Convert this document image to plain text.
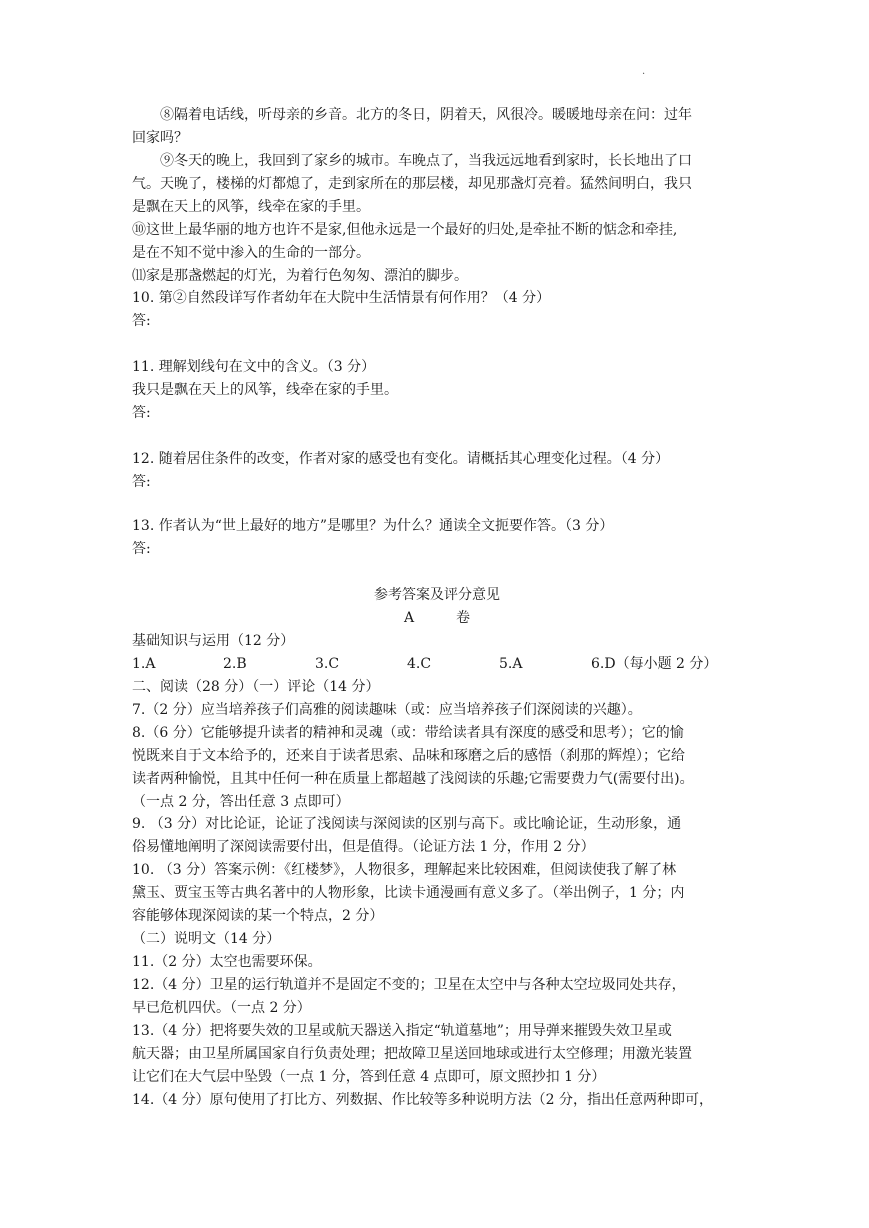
.
⑧隔着电话线，听母亲的乡音。北方的冬日，阴着天，风很冷。暖暖地母亲在问：过年
回家吗？
⑨冬天的晚上，我回到了家乡的城市。车晚点了，当我远远地看到家时，长长地出了口
气。天晚了，楼梯的灯都熄了，走到家所在的那层楼，却见那盏灯亮着。猛然间明白，我只
是飘在天上的风筝，线牵在家的手里。
⑩这世上最华丽的地方也许不是家,但他永远是一个最好的归处,是牵扯不断的惦念和牵挂,
是在不知不觉中渗入的生命的一部分。
⑾家是那盏燃起的灯光，为着行色匆匆、漂泊的脚步。
10. 第②自然段详写作者幼年在大院中生活情景有何作用？（4 分）
答:
11. 理解划线句在文中的含义。（3 分）
我只是飘在天上的风筝，线牵在家的手里。
答:
12. 随着居住条件的改变，作者对家的感受也有变化。请概括其心理变化过程。（4 分）
答:
13. 作者认为“世上最好的地方”是哪里？为什么？通读全文扼要作答。（3 分）
答:
参考答案及评分意见
A　　　卷
基础知识与运用（12 分）
1.A	2.B	3.C	4.C	5.A	6.D（每小题 2 分）
二、阅读（28 分）（一）评论（14 分）
7.（2 分）应当培养孩子们高雅的阅读趣味（或：应当培养孩子们深阅读的兴趣）。
8.（6 分）它能够提升读者的精神和灵魂（或：带给读者具有深度的感受和思考）；它的愉
悦既来自于文本给予的，还来自于读者思索、品味和琢磨之后的感悟（刹那的辉煌）；它给
读者两种愉悦，且其中任何一种在质量上都超越了浅阅读的乐趣;它需要费力气(需要付出)。
（一点 2 分，答出任意 3 点即可）
9. （3 分）对比论证，论证了浅阅读与深阅读的区别与高下。或比喻论证，生动形象，通
俗易懂地阐明了深阅读需要付出，但是值得。（论证方法 1 分，作用 2 分）
10. （3 分）答案示例：《红楼梦》，人物很多，理解起来比较困难，但阅读使我了解了林
黛玉、贾宝玉等古典名著中的人物形象，比读卡通漫画有意义多了。（举出例子，1 分；内
容能够体现深阅读的某一个特点，2 分）
（二）说明文（14 分）
11.（2 分）太空也需要环保。
12.（4 分）卫星的运行轨道并不是固定不变的；卫星在太空中与各种太空垃圾同处共存，
早已危机四伏。（一点 2 分）
13.（4 分）把将要失效的卫星或航天器送入指定“轨道墓地”；用导弹来摧毁失效卫星或
航天器；由卫星所属国家自行负责处理；把故障卫星送回地球或进行太空修理；用激光装置
让它们在大气层中坠毁（一点 1 分，答到任意 4 点即可，原文照抄扣 1 分）
14.（4 分）原句使用了打比方、列数据、作比较等多种说明方法（2 分，指出任意两种即可，
